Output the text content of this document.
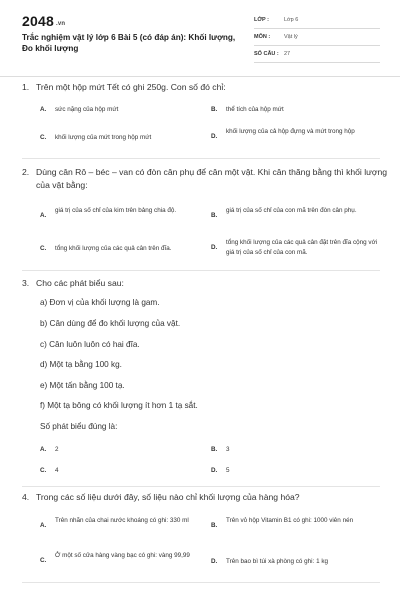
2048 .vn
Trắc nghiệm vật lý lớp 6 Bài 5 (có đáp án): Khối lượng, Đo khối lượng
LỚP :	Lớp 6
MÔN :	Vật lý
SỐ CÂU : 27
1. Trên một hộp mứt Tết có ghi 250g. Con số đó chỉ:
A. sức nặng của hộp mứt	B. thể tích của hộp mứt
C. khối lượng của mứt trong hộp mứt	D.
khối lượng của cả hộp đựng và mứt trong hộp
2. Dùng cân Rô – béc – van có đòn cân phụ để cân một vật. Khi cân thăng bằng thì khối lượng của vật bằng:
A.
giá trị của số chỉ của kim trên bảng chia độ.
B.
giá trị của số chỉ của con mã trên đòn cân phụ.
C. tổng khối lượng của các quả cân trên đĩa.	D.
tổng khối lượng của các quả cân đặt trên đĩa cộng với giá trị của số chỉ của con mã.
3. Cho các phát biểu sau:
a) Đơn vị của khối lượng là gam.
b) Cân dùng để đo khối lượng của vật.
c) Cân luôn luôn có hai đĩa.
d) Một tạ bằng 100 kg.
e) Một tấn bằng 100 tạ.
f) Một tạ bông có khối lượng ít hơn 1 tạ sắt.
Số phát biểu đúng là:
A. 2	B. 3
C. 4	D. 5
4. Trong các số liệu dưới đây, số liệu nào chỉ khối lượng của hàng hóa?
A.
Trên nhãn của chai nước khoáng có ghi: 330 ml
B.
Trên vỏ hộp Vitamin B1 có ghi: 1000 viên nén
C.
Ở một số cửa hàng vàng bạc có ghi: vàng 99,99
D. Trên bao bì túi xà phòng có ghi: 1 kg
